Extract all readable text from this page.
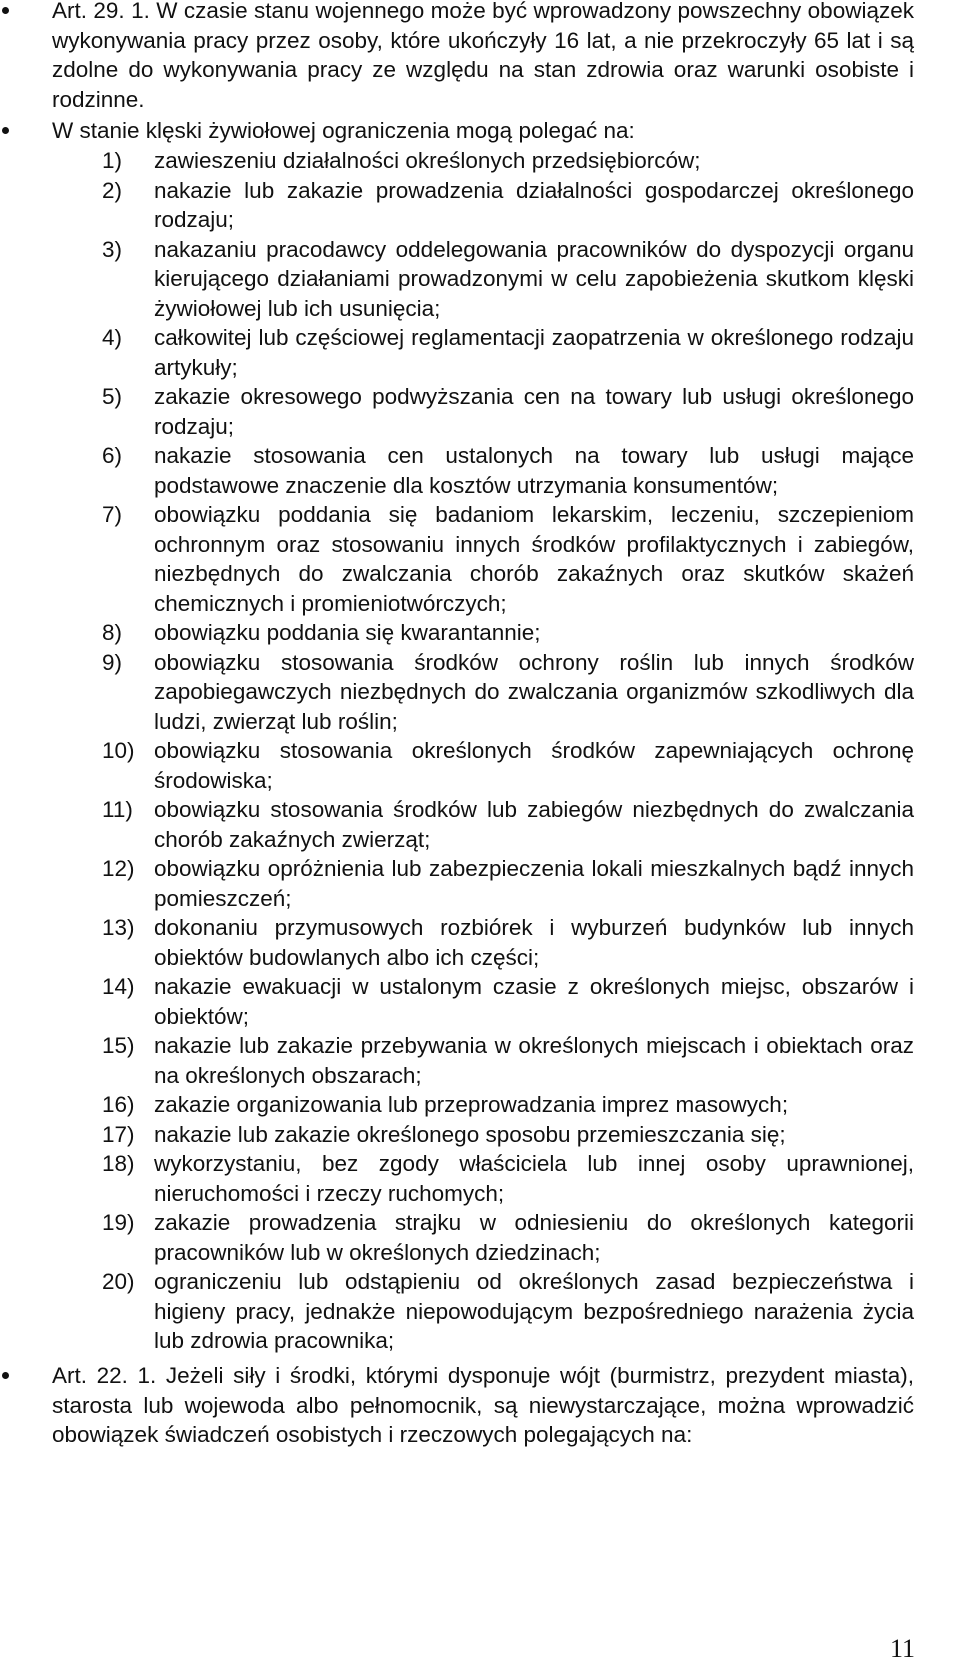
Art. 29. 1. W czasie stanu wojennego może być wprowadzony powszechny obowiązek wykonywania pracy przez osoby, które ukończyły 16 lat, a nie przekroczyły 65 lat i są zdolne do wykonywania pracy ze względu na stan zdrowia oraz warunki osobiste i rodzinne.
W stanie klęski żywiołowej ograniczenia mogą polegać na:
1)	zawieszeniu działalności określonych przedsiębiorców;
2)	nakazie lub zakazie prowadzenia działalności gospodarczej określonego rodzaju;
3)	nakazaniu pracodawcy oddelegowania pracowników do dyspozycji organu kierującego działaniami prowadzonymi w celu zapobieżenia skutkom klęski żywiołowej lub ich usunięcia;
4)	całkowitej lub częściowej reglamentacji zaopatrzenia w określonego rodzaju artykuły;
5)	zakazie okresowego podwyższania cen na towary lub usługi określonego rodzaju;
6)	nakazie stosowania cen ustalonych na towary lub usługi mające podstawowe znaczenie dla kosztów utrzymania konsumentów;
7)	obowiązku poddania się badaniom lekarskim, leczeniu, szczepieniom ochronnym oraz stosowaniu innych środków profilaktycznych i zabiegów, niezbędnych do zwalczania chorób zakaźnych oraz skutków skażeń chemicznych i promieniotwórczych;
8)	obowiązku poddania się kwarantannie;
9)	obowiązku stosowania środków ochrony roślin lub innych środków zapobiegawczych niezbędnych do zwalczania organizmów szkodliwych dla ludzi, zwierząt lub roślin;
10) obowiązku stosowania określonych środków zapewniających ochronę środowiska;
11) obowiązku stosowania środków lub zabiegów niezbędnych do zwalczania chorób zakaźnych zwierząt;
12) obowiązku opróżnienia lub zabezpieczenia lokali mieszkalnych bądź innych pomieszczeń;
13) dokonaniu przymusowych rozbiórek i wyburzeń budynków lub innych obiektów budowlanych albo ich części;
14) nakazie ewakuacji w ustalonym czasie z określonych miejsc, obszarów i obiektów;
15) nakazie lub zakazie przebywania w określonych miejscach i obiektach oraz na określonych obszarach;
16) zakazie organizowania lub przeprowadzania imprez masowych;
17) nakazie lub zakazie określonego sposobu przemieszczania się;
18) wykorzystaniu, bez zgody właściciela lub innej osoby uprawnionej, nieruchomości i rzeczy ruchomych;
19) zakazie prowadzenia strajku w odniesieniu do określonych kategorii pracowników lub w określonych dziedzinach;
20) ograniczeniu lub odstąpieniu od określonych zasad bezpieczeństwa i higieny pracy, jednakże niepowodującym bezpośredniego narażenia życia lub zdrowia pracownika;
Art. 22. 1. Jeżeli siły i środki, którymi dysponuje wójt (burmistrz, prezydent miasta), starosta lub wojewoda albo pełnomocnik, są niewystarczające, można wprowadzić obowiązek świadczeń osobistych i rzeczowych polegających na:
11
